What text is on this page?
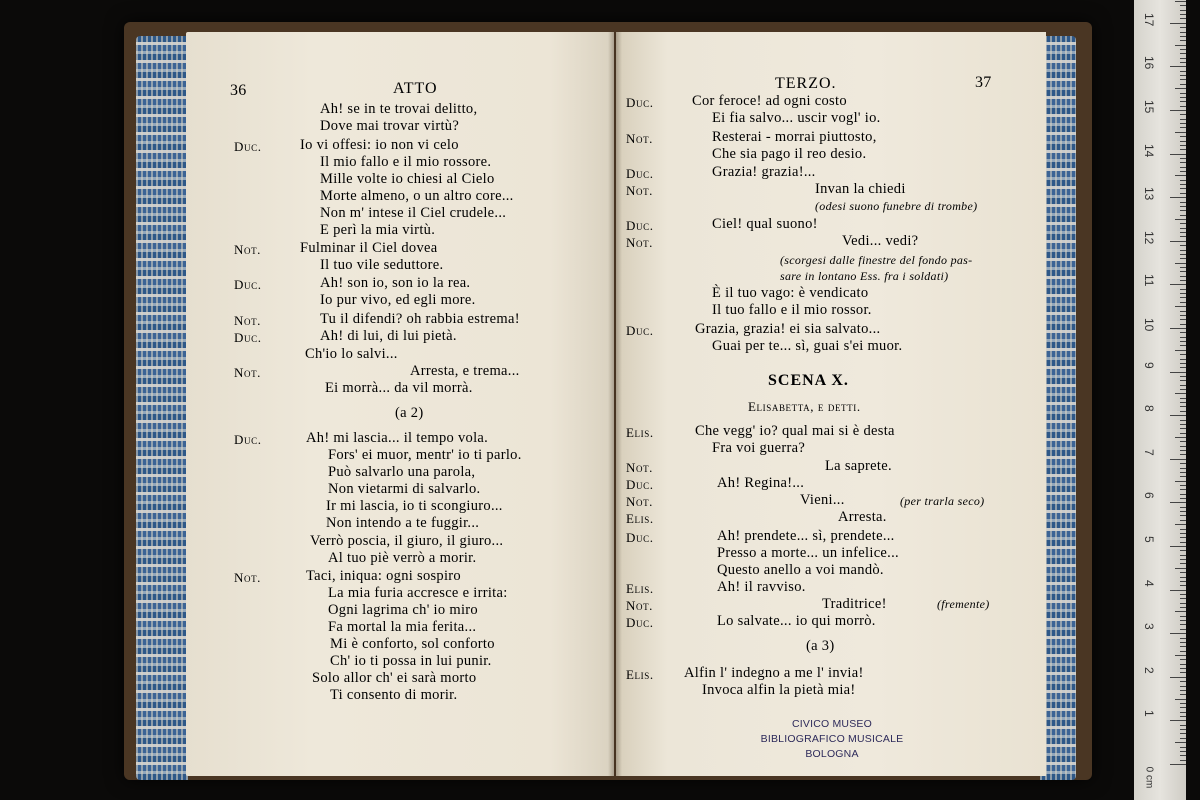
36	ATTO
Ah! se in te trovai delitto,
Dove mai trovar virtù?
Duc.	Io vi offesi: io non vi celo
Il mio fallo e il mio rossore.
Mille volte io chiesi al Cielo
Morte almeno, o un altro core...
Non m' intese il Ciel crudele...
E perì la mia virtù.
Not.	Fulminar il Ciel dovea
Il tuo vile seduttore.
Duc.	Ah! son io, son io la rea.
Io pur vivo, ed egli more.
Not.	Tu il difendi? oh rabbia estrema!
Duc.	Ah! di lui, di lui pietà.
Ch'io lo salvi...
Not.	Arresta, e trema...
Ei morrà... da vil morrà.
(a 2)
Duc.	Ah! mi lascia... il tempo vola.
Fors' ei muor, mentr' io ti parlo.
Può salvarlo una parola,
Non vietarmi di salvarlo.
Ir mi lascia, io ti scongiuro...
Non intendo a te fuggir...
Verrò poscia, il giuro, il giuro...
Al tuo piè verrò a morir.
Not.	Taci, iniqua: ogni sospiro
La mia furia accresce e irrita:
Ogni lagrima ch' io miro
Fa mortal la mia ferita...
Mi è conforto, sol conforto
Ch' io ti possa in lui punir.
Solo allor ch' ei sarà morto
Ti consento di morir.
TERZO.	37
Duc.	Cor feroce! ad ogni costo
Ei fia salvo... uscir vogl' io.
Not.	Resterai - morrai piuttosto,
Che sia pago il reo desio.
Duc.	Grazia! grazia!...
Not.	Invan la chiedi
(odesi suono funebre di trombe)
Duc.	Ciel! qual suono!
Not.	Vedi... vedi?
(scorgesi dalle finestre del fondo pas-
sare in lontano Ess. fra i soldati)
È il tuo vago: è vendicato
Il tuo fallo e il mio rossor.
Duc.	Grazia, grazia! ei sia salvato...
Guai per te... sì, guai s'ei muor.
SCENA X.
Elisabetta, e detti.
Elis.	Che vegg' io? qual mai si è desta
Fra voi guerra?
Not.	La saprete.
Duc.	Ah! Regina!...
Not.	Vieni...	(per trarla seco)
Elis.	Arresta.
Duc.	Ah! prendete... sì, prendete...
Presso a morte... un infelice...
Questo anello a voi mandò.
Elis.	Ah! il ravviso.
Not.	Traditrice!	(fremente)
Duc.	Lo salvate... io qui morrò.
(a 3)
Elis. Alfin l' indegno a me l' invia!
Invoca alfin la pietà mia!
CIVICO MUSEO
BIBLIOGRAFICO MUSICALE
BOLOGNA
17
16
15
14
13
12
11
10
9
8
7
6
5
4
3
2
1
0 cm
